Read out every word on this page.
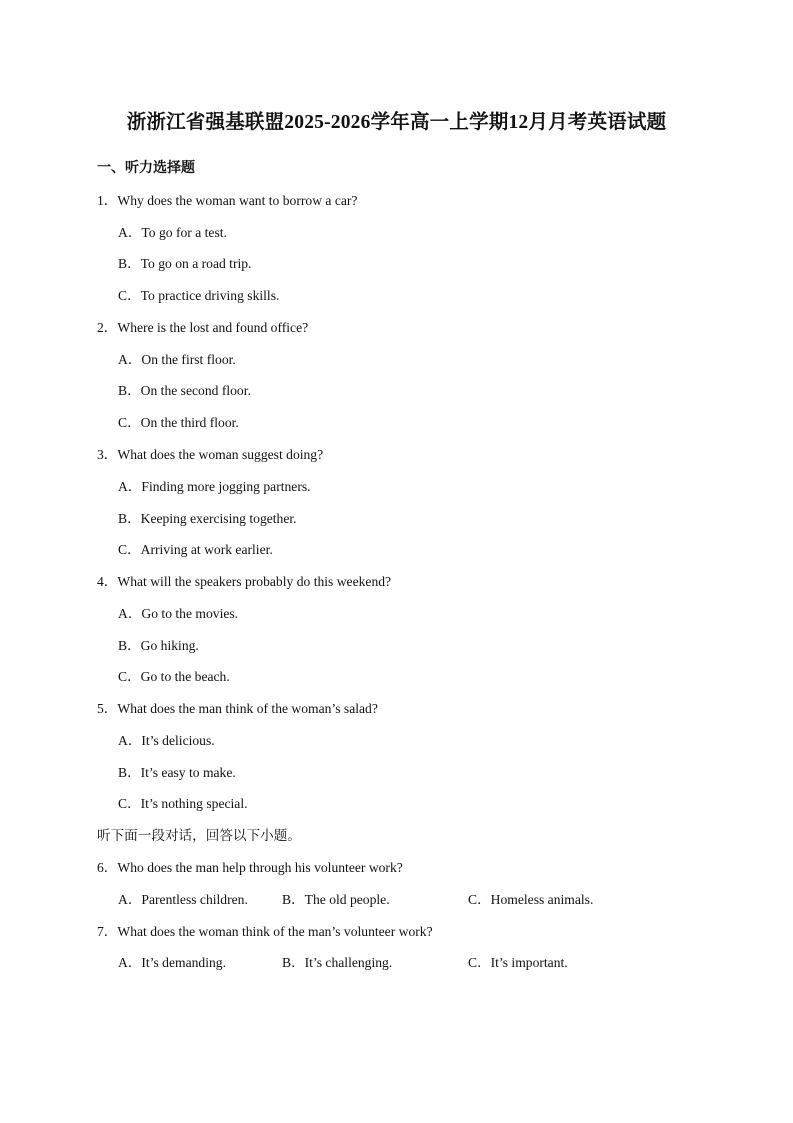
浙浙江省强基联盟2025-2026学年高一上学期12月月考英语试题
一、听力选择题
1．Why does the woman want to borrow a car?
A．To go for a test.
B．To go on a road trip.
C．To practice driving skills.
2．Where is the lost and found office?
A．On the first floor.
B．On the second floor.
C．On the third floor.
3．What does the woman suggest doing?
A．Finding more jogging partners.
B．Keeping exercising together.
C．Arriving at work earlier.
4．What will the speakers probably do this weekend?
A．Go to the movies.
B．Go hiking.
C．Go to the beach.
5．What does the man think of the woman’s salad?
A．It’s delicious.
B．It’s easy to make.
C．It’s nothing special.
听下面一段对话，回答以下小题。
6．Who does the man help through his volunteer work?
A．Parentless children.	B．The old people.	C．Homeless animals.
7．What does the woman think of the man’s volunteer work?
A．It’s demanding.	B．It’s challenging.	C．It’s important.
